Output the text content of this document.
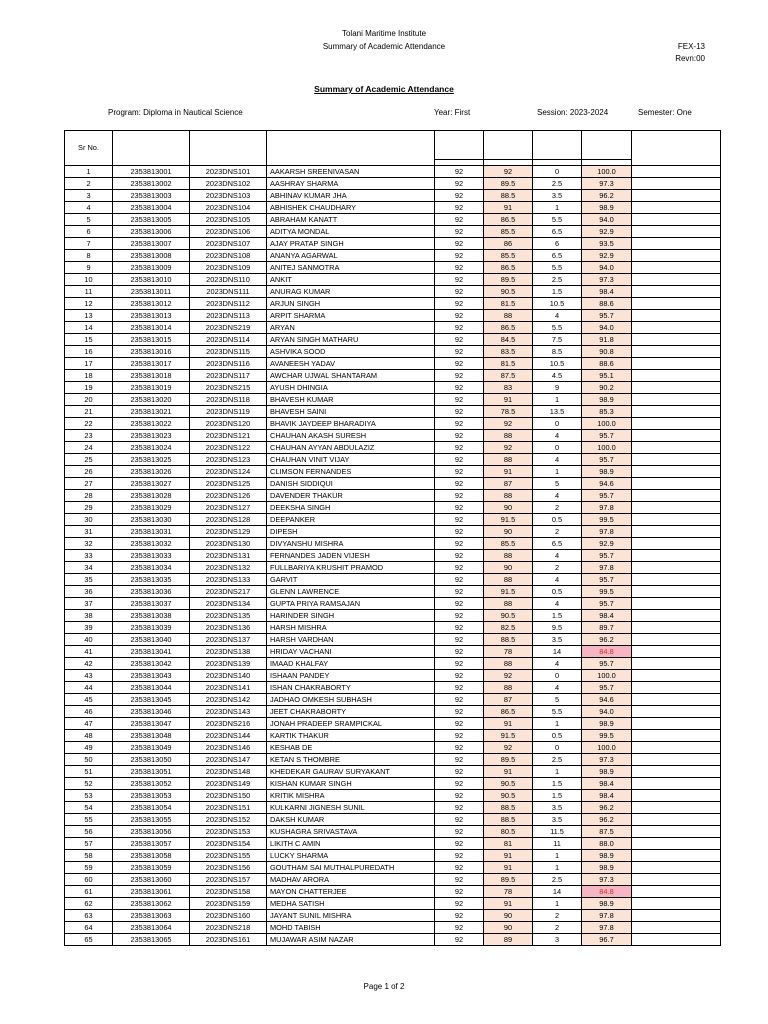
Tolani Maritime Institute
Summary of Academic Attendance	FEX-13
Revn:00
Summary of Academic Attendance
Program: Diploma in Nautical Science	Year: First	Session: 2023-2024	Semester: One
Sr No.								

1	2353813001	2023DNS101	AAKARSH SREENIVASAN	92	92	0	100.0	
2	2353813002	2023DNS102	AASHRAY SHARMA	92	89.5	2.5	97.3	
3	2353813003	2023DNS103	ABHINAV KUMAR JHA	92	88.5	3.5	96.2	
4	2353813004	2023DNS104	ABHISHEK CHAUDHARY	92	91	1	98.9	
5	2353813005	2023DNS105	ABRAHAM KANATT	92	86.5	5.5	94.0	
6	2353813006	2023DNS106	ADITYA MONDAL	92	85.5	6.5	92.9	
7	2353813007	2023DNS107	AJAY PRATAP SINGH	92	86	6	93.5	
8	2353813008	2023DNS108	ANANYA AGARWAL	92	85.5	6.5	92.9	
9	2353813009	2023DNS109	ANITEJ SANMOTRA	92	86.5	5.5	94.0	
10	2353813010	2023DNS110	ANKIT	92	89.5	2.5	97.3	
11	2353813011	2023DNS111	ANURAG KUMAR	92	90.5	1.5	98.4	
12	2353813012	2023DNS112	ARJUN SINGH	92	81.5	10.5	88.6	
13	2353813013	2023DNS113	ARPIT SHARMA	92	88	4	95.7	
14	2353813014	2023DNS219	ARYAN	92	86.5	5.5	94.0	
15	2353813015	2023DNS114	ARYAN SINGH MATHARU	92	84.5	7.5	91.8	
16	2353813016	2023DNS115	ASHVIKA SOOD	92	83.5	8.5	90.8	
17	2353813017	2023DNS116	AVANEESH YADAV	92	81.5	10.5	88.6	
18	2353813018	2023DNS117	AWCHAR UJWAL SHANTARAM	92	87.5	4.5	95.1	
19	2353813019	2023DNS215	AYUSH DHINGIA	92	83	9	90.2	
20	2353813020	2023DNS118	BHAVESH KUMAR	92	91	1	98.9	
21	2353813021	2023DNS119	BHAVESH SAINI	92	78.5	13.5	85.3	
22	2353813022	2023DNS120	BHAVIK JAYDEEP BHARADIYA	92	92	0	100.0	
23	2353813023	2023DNS121	CHAUHAN AKASH SURESH	92	88	4	95.7	
24	2353813024	2023DNS122	CHAUHAN AYYAN ABDULAZIZ	92	92	0	100.0	
25	2353813025	2023DNS123	CHAUHAN VINIT VIJAY	92	88	4	95.7	
26	2353813026	2023DNS124	CLIMSON FERNANDES	92	91	1	98.9	
27	2353813027	2023DNS125	DANISH SIDDIQUI	92	87	5	94.6	
28	2353813028	2023DNS126	DAVENDER THAKUR	92	88	4	95.7	
29	2353813029	2023DNS127	DEEKSHA SINGH	92	90	2	97.8	
30	2353813030	2023DNS128	DEEPANKER	92	91.5	0.5	99.5	
31	2353813031	2023DNS129	DIPESH	92	90	2	97.8	
32	2353813032	2023DNS130	DIVYANSHU MISHRA	92	85.5	6.5	92.9	
33	2353813033	2023DNS131	FERNANDES JADEN VIJESH	92	88	4	95.7	
34	2353813034	2023DNS132	FULLBARIYA KRUSHIT PRAMOD	92	90	2	97.8	
35	2353813035	2023DNS133	GARVIT	92	88	4	95.7	
36	2353813036	2023DNS217	GLENN LAWRENCE	92	91.5	0.5	99.5	
37	2353813037	2023DNS134	GUPTA PRIYA RAMSAJAN	92	88	4	95.7	
38	2353813038	2023DNS135	HARINDER SINGH	92	90.5	1.5	98.4	
39	2353813039	2023DNS136	HARSH MISHRA	92	82.5	9.5	89.7	
40	2353813040	2023DNS137	HARSH VARDHAN	92	88.5	3.5	96.2	
41	2353813041	2023DNS138	HRIDAY VACHANI	92	78	14	84.8	
42	2353813042	2023DNS139	IMAAD KHALFAY	92	88	4	95.7	
43	2353813043	2023DNS140	ISHAAN PANDEY	92	92	0	100.0	
44	2353813044	2023DNS141	ISHAN CHAKRABORTY	92	88	4	95.7	
45	2353813045	2023DNS142	JADHAO OMKESH SUBHASH	92	87	5	94.6	
46	2353813046	2023DNS143	JEET CHAKRABORTY	92	86.5	5.5	94.0	
47	2353813047	2023DNS216	JONAH PRADEEP SRAMPICKAL	92	91	1	98.9	
48	2353813048	2023DNS144	KARTIK THAKUR	92	91.5	0.5	99.5	
49	2353813049	2023DNS146	KESHAB DE	92	92	0	100.0	
50	2353813050	2023DNS147	KETAN S THOMBRE	92	89.5	2.5	97.3	
51	2353813051	2023DNS148	KHEDEKAR GAURAV SURYAKANT	92	91	1	98.9	
52	2353813052	2023DNS149	KISHAN KUMAR SINGH	92	90.5	1.5	98.4	
53	2353813053	2023DNS150	KRITIK MISHRA	92	90.5	1.5	98.4	
54	2353813054	2023DNS151	KULKARNI JIGNESH SUNIL	92	88.5	3.5	96.2	
55	2353813055	2023DNS152	DAKSH KUMAR	92	88.5	3.5	96.2	
56	2353813056	2023DNS153	KUSHAGRA SRIVASTAVA	92	80.5	11.5	87.5	
57	2353813057	2023DNS154	LIKITH C AMIN	92	81	11	88.0	
58	2353813058	2023DNS155	LUCKY SHARMA	92	91	1	98.9	
59	2353813059	2023DNS156	GOUTHAM SAI MUTHALPUREDATH	92	91	1	98.9	
60	2353813060	2023DNS157	MADHAV ARORA	92	89.5	2.5	97.3	
61	2353813061	2023DNS158	MAYON CHATTERJEE	92	78	14	84.8	
62	2353813062	2023DNS159	MEDHA SATISH	92	91	1	98.9	
63	2353813063	2023DNS160	JAYANT SUNIL MISHRA	92	90	2	97.8	
64	2353813064	2023DNS218	MOHD TABISH	92	90	2	97.8	
65	2353813065	2023DNS161	MUJAWAR ASIM NAZAR	92	89	3	96.7	
Page 1 of 2
